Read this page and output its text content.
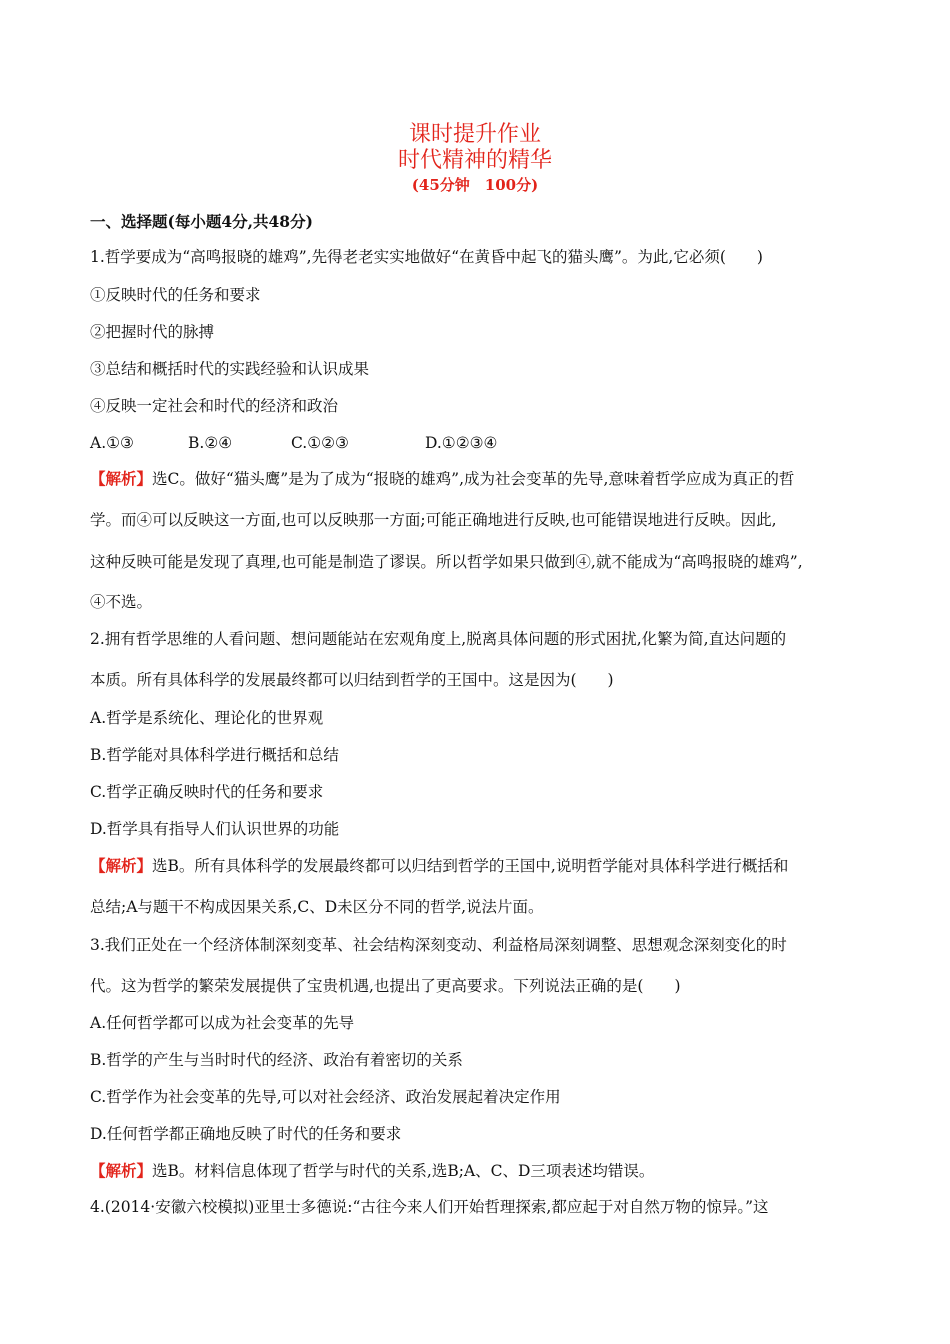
课时提升作业
时代精神的精华
(45分钟　100分)
一、选择题(每小题4分,共48分)
1.哲学要成为“高鸣报晓的雄鸡”,先得老老实实地做好“在黄昏中起飞的猫头鹰”。为此,它必须(　　)
①反映时代的任务和要求
②把握时代的脉搏
③总结和概括时代的实践经验和认识成果
④反映一定社会和时代的经济和政治
A.①③	B.②④	C.①②③	D.①②③④
【解析】选C。做好“猫头鹰”是为了成为“报晓的雄鸡”,成为社会变革的先导,意味着哲学应成为真正的哲
学。而④可以反映这一方面,也可以反映那一方面;可能正确地进行反映,也可能错误地进行反映。因此,
这种反映可能是发现了真理,也可能是制造了谬误。所以哲学如果只做到④,就不能成为“高鸣报晓的雄鸡”,
④不选。
2.拥有哲学思维的人看问题、想问题能站在宏观角度上,脱离具体问题的形式困扰,化繁为简,直达问题的
本质。所有具体科学的发展最终都可以归结到哲学的王国中。这是因为(　　)
A.哲学是系统化、理论化的世界观
B.哲学能对具体科学进行概括和总结
C.哲学正确反映时代的任务和要求
D.哲学具有指导人们认识世界的功能
【解析】选B。所有具体科学的发展最终都可以归结到哲学的王国中,说明哲学能对具体科学进行概括和
总结;A与题干不构成因果关系,C、D未区分不同的哲学,说法片面。
3.我们正处在一个经济体制深刻变革、社会结构深刻变动、利益格局深刻调整、思想观念深刻变化的时
代。这为哲学的繁荣发展提供了宝贵机遇,也提出了更高要求。下列说法正确的是(　　)
A.任何哲学都可以成为社会变革的先导
B.哲学的产生与当时时代的经济、政治有着密切的关系
C.哲学作为社会变革的先导,可以对社会经济、政治发展起着决定作用
D.任何哲学都正确地反映了时代的任务和要求
【解析】选B。材料信息体现了哲学与时代的关系,选B;A、C、D三项表述均错误。
4.(2014·安徽六校模拟)亚里士多德说:“古往今来人们开始哲理探索,都应起于对自然万物的惊异。”这
